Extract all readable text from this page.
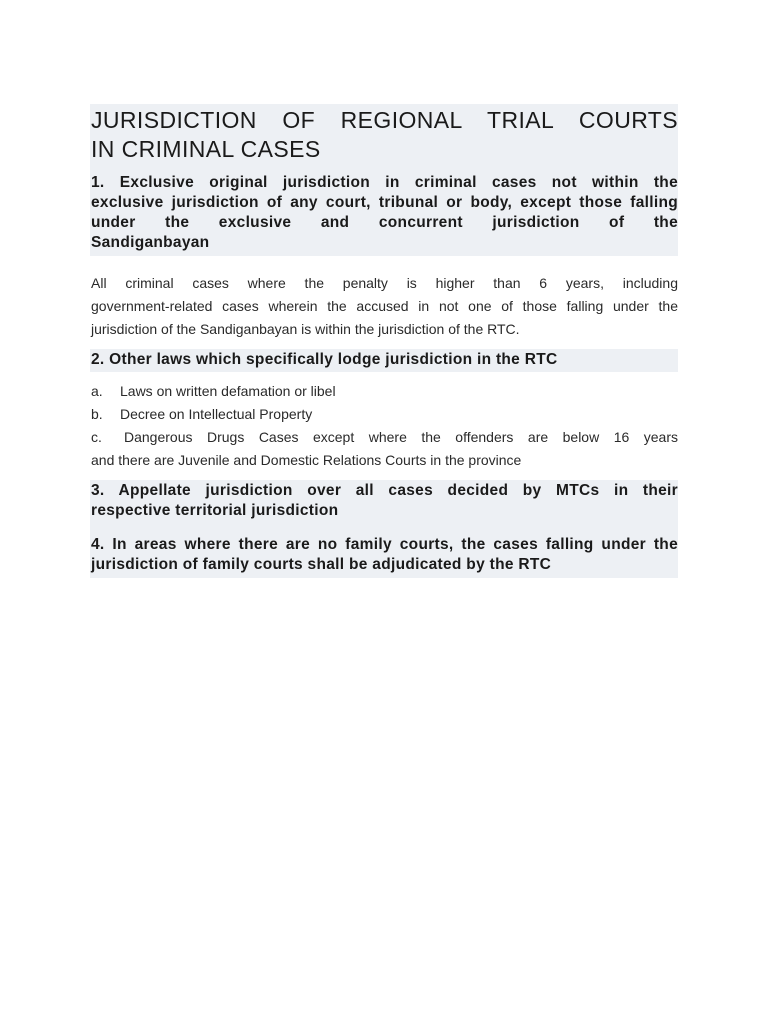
JURISDICTION OF REGIONAL TRIAL COURTS
IN CRIMINAL CASES
1. Exclusive original jurisdiction in criminal cases not within the
exclusive jurisdiction of any court, tribunal or body, except those falling
under the exclusive and concurrent jurisdiction of the
Sandiganbayan

All criminal cases where the penalty is higher than 6 years, including
government-related cases wherein the accused in not one of those falling under the
jurisdiction of the Sandiganbayan is within the jurisdiction of the RTC.

2. Other laws which specifically lodge jurisdiction in the RTC
a. Laws on written defamation or libel
b. Decree on Intellectual Property
c. Dangerous Drugs Cases except where the offenders are below 16 years
and there are Juvenile and Domestic Relations Courts in the province
3. Appellate jurisdiction over all cases decided by MTCs in their
respective territorial jurisdiction
4. In areas where there are no family courts, the cases falling under the
jurisdiction of family courts shall be adjudicated by the RTC
